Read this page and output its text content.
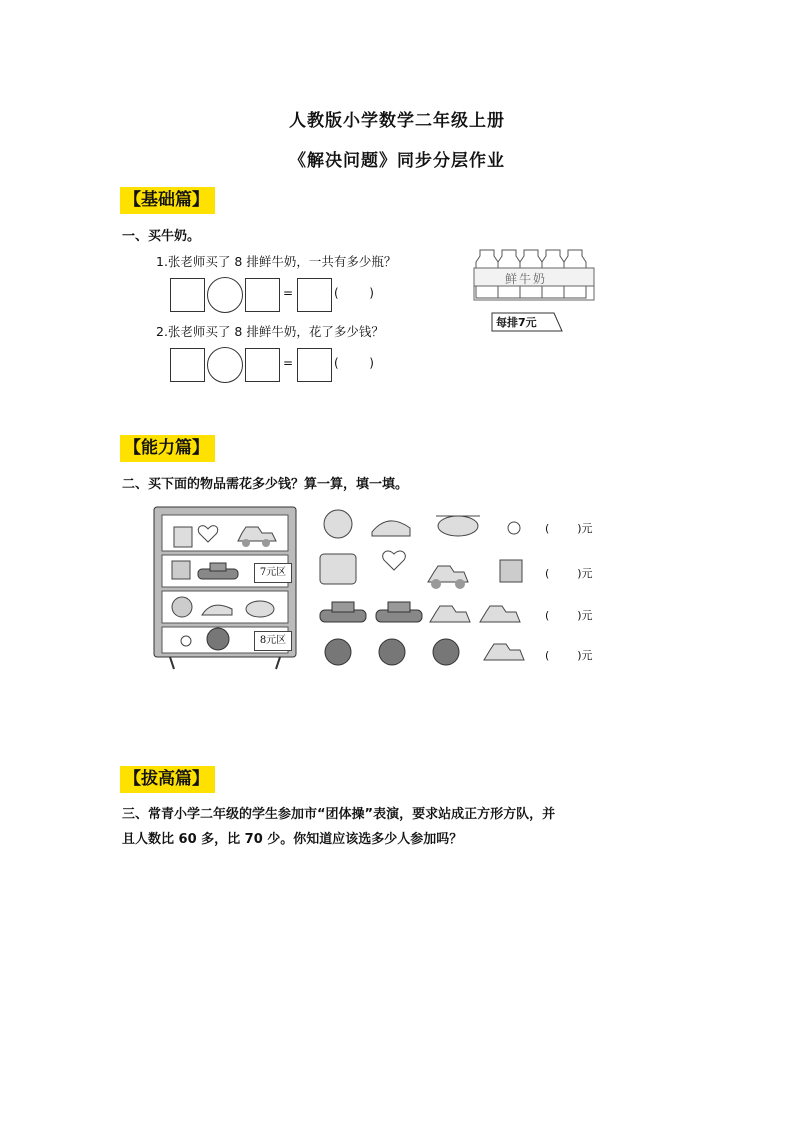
人教版小学数学二年级上册
《解决问题》同步分层作业
【基础篇】
一、买牛奶。
1.张老师买了 8 排鲜牛奶，一共有多少瓶？
=	(        )
2.张老师买了 8 排鲜牛奶，花了多少钱？
=	(        )
鲜牛奶
每排7元
【能力篇】
二、买下面的物品需花多少钱？算一算，填一填。
7元区
8元区
(        )元
(        )元
(        )元
(        )元
【拔高篇】
三、常青小学二年级的学生参加市“团体操”表演，要求站成正方形方队，并
且人数比 60 多，比 70 少。你知道应该选多少人参加吗？
